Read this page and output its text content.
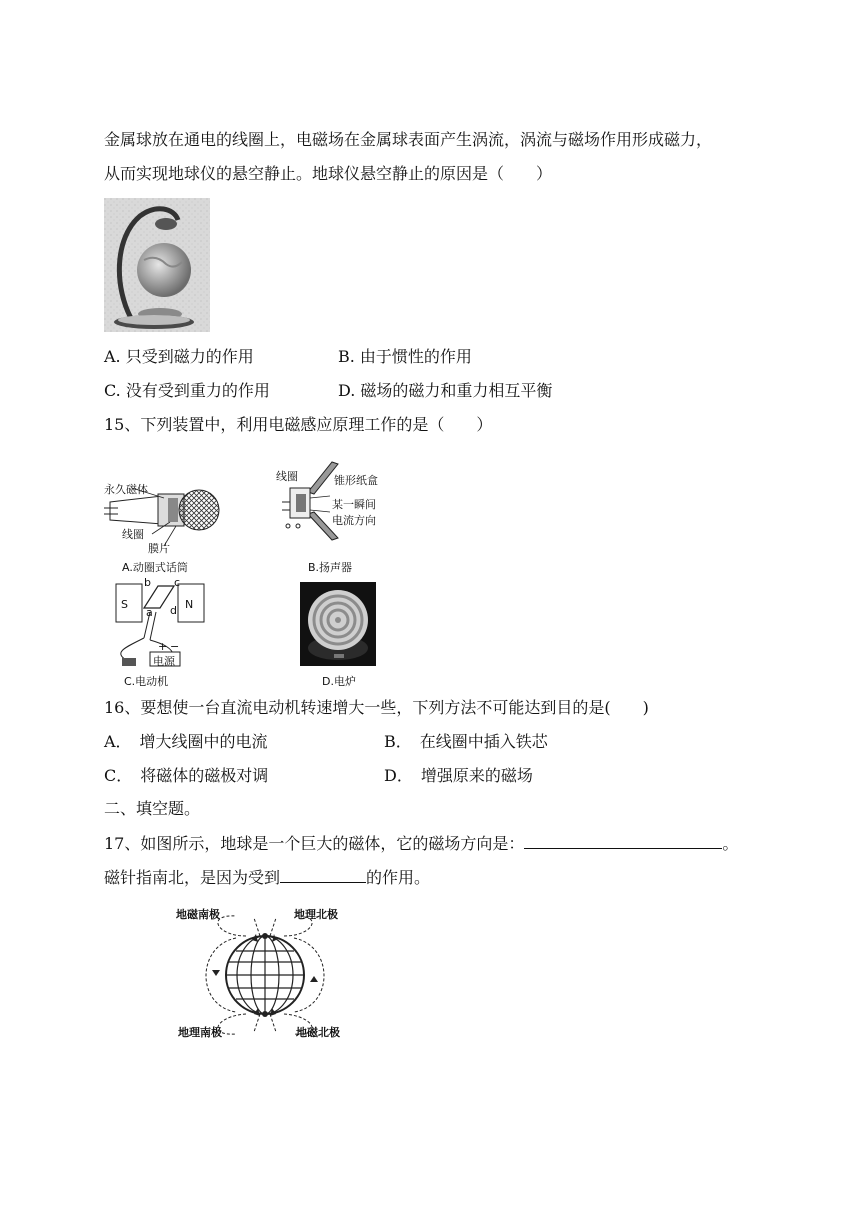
金属球放在通电的线圈上，电磁场在金属球表面产生涡流，涡流与磁场作用形成磁力，
从而实现地球仪的悬空静止。地球仪悬空静止的原因是（　　）
A. 只受到磁力的作用	B. 由于惯性的作用
C. 没有受到重力的作用	D. 磁场的磁力和重力相互平衡
15、下列装置中，利用电磁感应原理工作的是（　　）
永久磁体
线圈
膜片
A.动圈式话筒
线圈	锥形纸盒
某一瞬间
电流方向
B.扬声器
S	N
b c
a d
+ −
电源
C.电动机	D.电炉
16、要想使一台直流电动机转速增大一些，下列方法不可能达到目的是(　　)
A．　增大线圈中的电流	B．　在线圈中插入铁芯
C．　将磁体的磁极对调	D．　增强原来的磁场
二、填空题。
17、如图所示，地球是一个巨大的磁体，它的磁场方向是：	。
磁针指南北，是因为受到	的作用。
地磁南极	地理北极
地理南极	地磁北极
